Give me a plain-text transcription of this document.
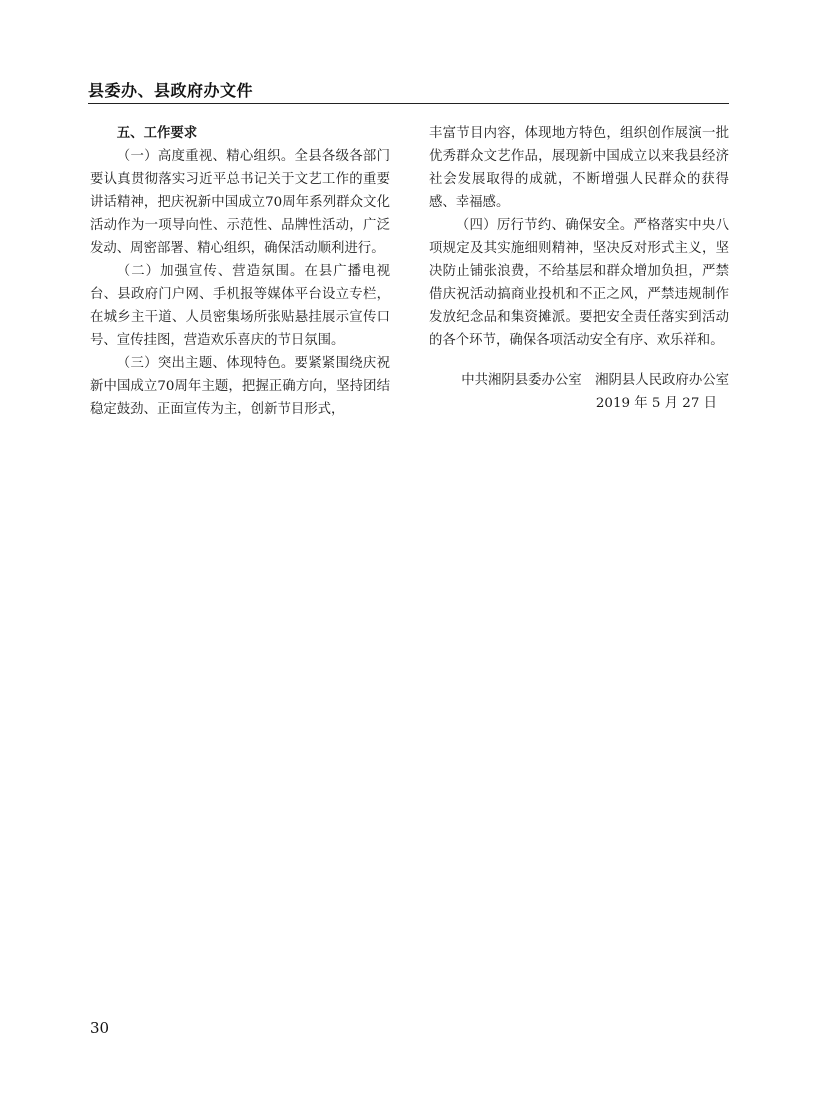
县委办、县政府办文件

五、工作要求

（一）高度重视、精心组织。全县各级各部门要认真贯彻落实习近平总书记关于文艺工作的重要讲话精神，把庆祝新中国成立70周年系列群众文化活动作为一项导向性、示范性、品牌性活动，广泛发动、周密部署、精心组织，确保活动顺利进行。

（二）加强宣传、营造氛围。在县广播电视台、县政府门户网、手机报等媒体平台设立专栏，在城乡主干道、人员密集场所张贴悬挂展示宣传口号、宣传挂图，营造欢乐喜庆的节日氛围。

（三）突出主题、体现特色。要紧紧围绕庆祝新中国成立70周年主题，把握正确方向，坚持团结稳定鼓劲、正面宣传为主，创新节目形式，

丰富节目内容，体现地方特色，组织创作展演一批优秀群众文艺作品，展现新中国成立以来我县经济社会发展取得的成就，不断增强人民群众的获得感、幸福感。

（四）厉行节约、确保安全。严格落实中央八项规定及其实施细则精神，坚决反对形式主义，坚决防止铺张浪费，不给基层和群众增加负担，严禁借庆祝活动搞商业投机和不正之风，严禁违规制作发放纪念品和集资摊派。要把安全责任落实到活动的各个环节，确保各项活动安全有序、欢乐祥和。

中共湘阴县委办公室　湘阴县人民政府办公室
2019 年 5 月 27 日
30
